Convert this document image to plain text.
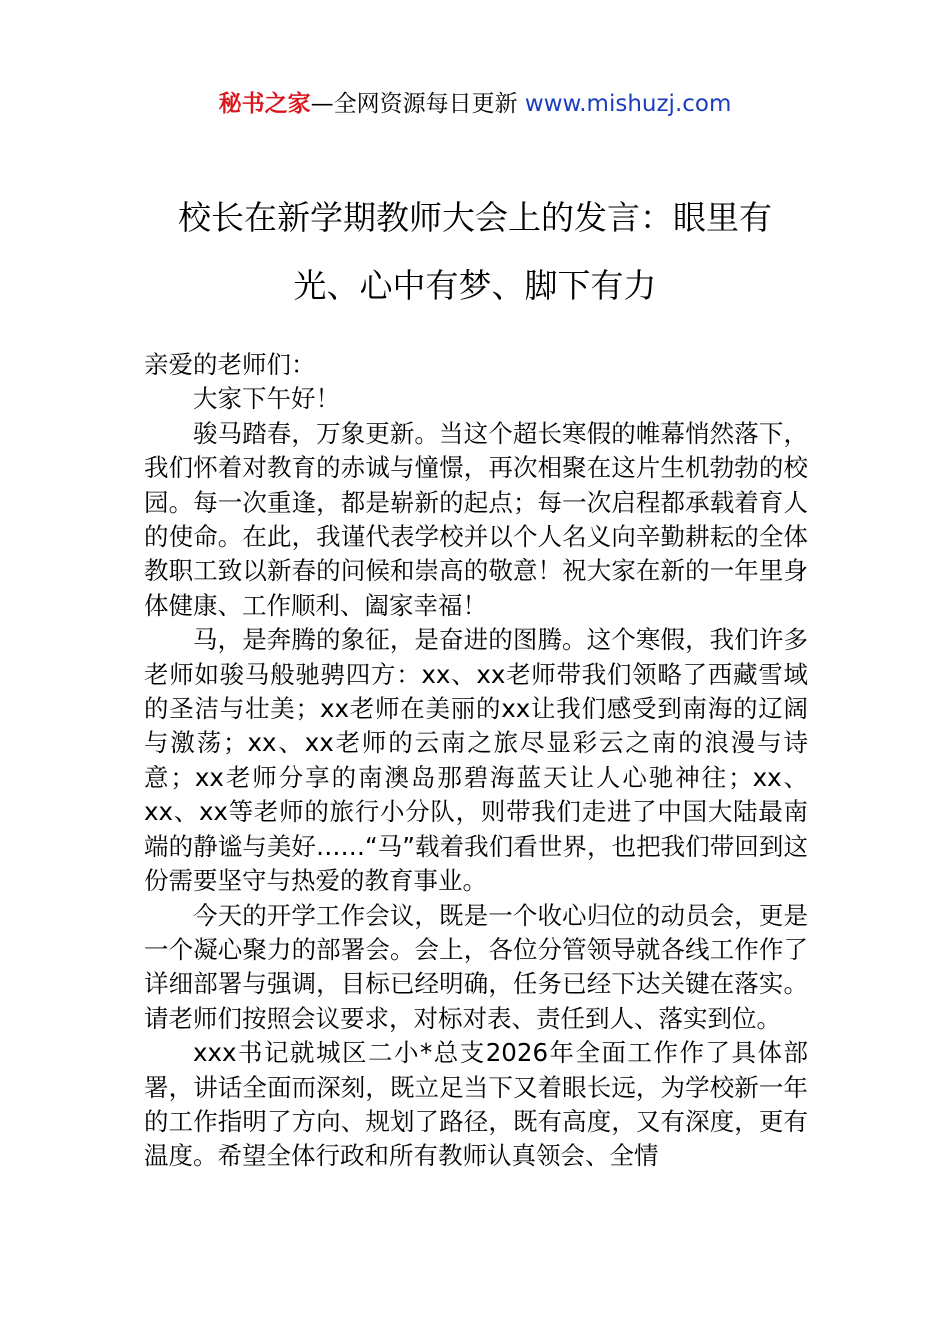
秘书之家—全网资源每日更新 www.mishuzj.com
校长在新学期教师大会上的发言：眼里有
光、心中有梦、脚下有力

亲爱的老师们：

大家下午好！

骏马踏春，万象更新。当这个超长寒假的帷幕悄然落下，我们怀着对教育的赤诚与憧憬，再次相聚在这片生机勃勃的校园。每一次重逢，都是崭新的起点；每一次启程都承载着育人的使命。在此，我谨代表学校并以个人名义向辛勤耕耘的全体教职工致以新春的问候和崇高的敬意！祝大家在新的一年里身体健康、工作顺利、阖家幸福！

马，是奔腾的象征，是奋进的图腾。这个寒假，我们许多老师如骏马般驰骋四方：xx、xx老师带我们领略了西藏雪域的圣洁与壮美；xx老师在美丽的xx让我们感受到南海的辽阔与激荡；xx、xx老师的云南之旅尽显彩云之南的浪漫与诗意；xx老师分享的南澳岛那碧海蓝天让人心驰神往；xx、xx、xx等老师的旅行小分队，则带我们走进了中国大陆最南端的静谧与美好……“马”载着我们看世界，也把我们带回到这份需要坚守与热爱的教育事业。

今天的开学工作会议，既是一个收心归位的动员会，更是一个凝心聚力的部署会。会上，各位分管领导就各线工作作了详细部署与强调，目标已经明确，任务已经下达关键在落实。请老师们按照会议要求，对标对表、责任到人、落实到位。

xxx书记就城区二小*总支2026年全面工作作了具体部署，讲话全面而深刻，既立足当下又着眼长远，为学校新一年的工作指明了方向、规划了路径，既有高度，又有深度，更有温度。希望全体行政和所有教师认真领会、全情
